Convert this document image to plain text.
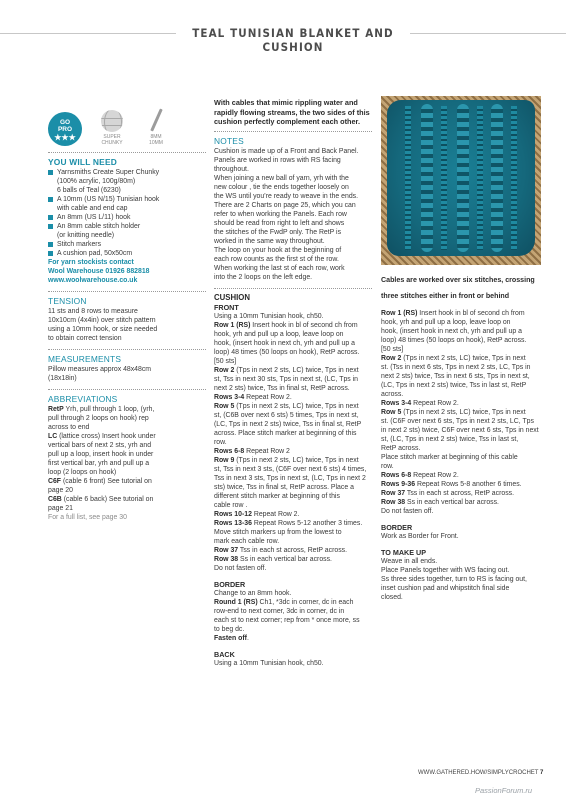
TEAL TUNISIAN BLANKET AND CUSHION
GO
PRO
★★★	SUPER
CHUNKY
8MM
10MM
YOU WILL NEED
Yarnsmiths Create Super Chunky
(100% acrylic, 100g/80m)
6 balls of Teal (6230)
A 10mm (US N/15) Tunisian hook
with cable and end cap
An 8mm (US L/11) hook
An 8mm cable stitch holder
(or knitting needle)
Stitch markers
A cushion pad, 50x50cm

For yarn stockists contact

Wool Warehouse 01926 882818

www.woolwarehouse.co.uk

TENSION

11 sts and 8 rows to measure

10x10cm (4x4in) over stitch pattern

using a 10mm hook, or size needed

to obtain correct tension

MEASUREMENTS

Pillow measures approx 48x48cm

(18x18in)

ABBREVIATIONS

RetP Yrh, pull through 1 loop, (yrh,

pull through 2 loops on hook) rep

across to end

LC (lattice cross) Insert hook under

vertical bars of next 2 sts, yrh and

pull up a loop, insert hook in under

first vertical bar, yrh and pull up a

loop (2 loops on hook)

C6F (cable 6 front) See tutorial on

page 20

C6B (cable 6 back) See tutorial on

page 21

For a full list, see page 30

With cables that mimic rippling water and

rapidly flowing streams, the two sides of this

cushion perfectly complement each other.

NOTES

Cushion is made up of a Front and Back Panel.

Panels are worked in rows with RS facing

throughout.

When joining a new ball of yarn, yrh with the

new colour , tie the ends together loosely on

the WS until you’re ready to weave in the ends.

There are 2 Charts on page 25, which you can

refer to when working the Panels. Each row

should be read from right to left and shows

the stitches of the FwdP only. The RetP is

worked in the same way throughout.

The loop on your hook at the beginning of

each row counts as the first st of the row.

When working the last st of each row, work

into the 2 loops on the left edge.

CUSHION
FRONT

Using a 10mm Tunisian hook, ch50.

Row 1 (RS) Insert hook in bl of second ch from

hook, yrh and pull up a loop, leave loop on

hook, (insert hook in next ch, yrh and pull up a

loop) 48 times (50 loops on hook), RetP across.

[50 sts]

Row 2 (Tps in next 2 sts, LC) twice, Tps in next

st, Tss in next 30 sts, Tps in next st, (LC, Tps in

next 2 sts) twice, Tss in final st, RetP across.

Rows 3-4 Repeat Row 2.

Row 5 (Tps in next 2 sts, LC) twice, Tps in next

st, (C6B over next 6 sts) 5 times, Tps in next st,

(LC, Tps in next 2 sts) twice, Tss in final st, RetP

across. Place stitch marker at beginning of this

row.

Rows 6-8 Repeat Row 2

Row 9 (Tps in next 2 sts, LC) twice, Tps in next

st, Tss in next 3 sts, (C6F over next 6 sts) 4 times,

Tss in next 3 sts, Tps in next st, (LC, Tps in next 2

sts) twice, Tss in final st, RetP across. Place a

different stitch marker at beginning of this

cable row .

Rows 10-12 Repeat Row 2.

Rows 13-36 Repeat Rows 5-12 another 3 times.

Move stitch markers up from the lowest to

mark each cable row.

Row 37 Tss in each st across, RetP across.

Row 38 Ss in each vertical bar across.

Do not fasten off.

BORDER

Change to an 8mm hook.

Round 1 (RS) Ch1, *3dc in corner, dc in each

row-end to next corner, 3dc in corner, dc in

each st to next corner; rep from * once more, ss

to beg dc.

Fasten off.

BACK

Using a 10mm Tunisian hook, ch50.

Cables are worked over six stitches, crossing

three stitches either in front or behind

Row 1 (RS) Insert hook in bl of second ch from

hook, yrh and pull up a loop, leave loop on

hook, (insert hook in next ch, yrh and pull up a

loop) 48 times (50 loops on hook), RetP across.

[50 sts]

Row 2 (Tps in next 2 sts, LC) twice, Tps in next

st. (Tss in next 6 sts, Tps in next 2 sts, LC, Tps in

next 2 sts) twice, Tss in next 6 sts, Tps in next st,

(LC, Tps in next 2 sts) twice, Tss in last st, RetP

across.

Rows 3-4 Repeat Row 2.

Row 5 (Tps in next 2 sts, LC) twice, Tps in next

st. (C6F over next 6 sts, Tps in next 2 sts, LC, Tps

in next 2 sts) twice, C6F over next 6 sts, Tps in next

st, (LC, Tps in next 2 sts) twice, Tss in last st,

RetP across.

Place stitch marker at beginning of this cable

row.

Rows 6-8 Repeat Row 2.

Rows 9-36 Repeat Rows 5-8 another 6 times.

Row 37 Tss in each st across, RetP across.

Row 38 Ss in each vertical bar across.

Do not fasten off.

BORDER

Work as Border for Front.

TO MAKE UP

Weave in all ends.

Place Panels together with WS facing out.

Ss three sides together, turn to RS is facing out,

inset cushion pad and whipstitch final side

closed.

WWW.GATHERED.HOW/SIMPLYCROCHET 7
PassionForum.ru
